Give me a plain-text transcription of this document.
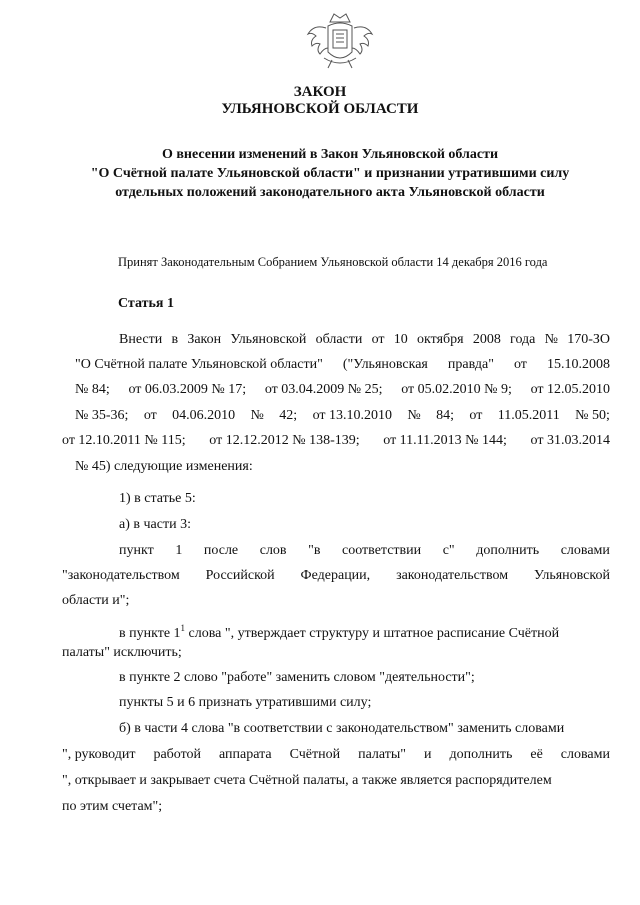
ЗАКОН
УЛЬЯНОВСКОЙ ОБЛАСТИ
О внесении изменений в Закон Ульяновской области
"О Счётной палате Ульяновской области" и признании утратившими силу
отдельных положений законодательного акта Ульяновской области
Принят Законодательным Собранием Ульяновской области 14 декабря 2016 года
Статья 1
Внести в Закон Ульяновской области от 10 октября 2008 года № 170-ЗО
"О Счётной палате Ульяновской области" ("Ульяновская правда" от 15.10.2008
№ 84; от 06.03.2009 № 17; от 03.04.2009 № 25; от 05.02.2010 № 9; от 12.05.2010
№ 35-36; от 04.06.2010 № 42; от 13.10.2010 № 84; от 11.05.2011 № 50;
от 12.10.2011 № 115; от 12.12.2012 № 138-139; от 11.11.2013 № 144; от 31.03.2014
№ 45) следующие изменения:
1) в статье 5:
а) в части 3:
пункт 1 после слов "в соответствии с" дополнить словами
"законодательством Российской Федерации, законодательством Ульяновской
области и";
в пункте $1^1$ слова ", утверждает структуру и штатное расписание Счётной
палаты" исключить;
в пункте 2 слово "работе" заменить словом "деятельности";
пункты 5 и 6 признать утратившими силу;
б) в части 4 слова "в соответствии с законодательством" заменить словами
", руководит работой аппарата Счётной палаты" и дополнить её словами
", открывает и закрывает счета Счётной палаты, а также является распорядителем
по этим счетам";
